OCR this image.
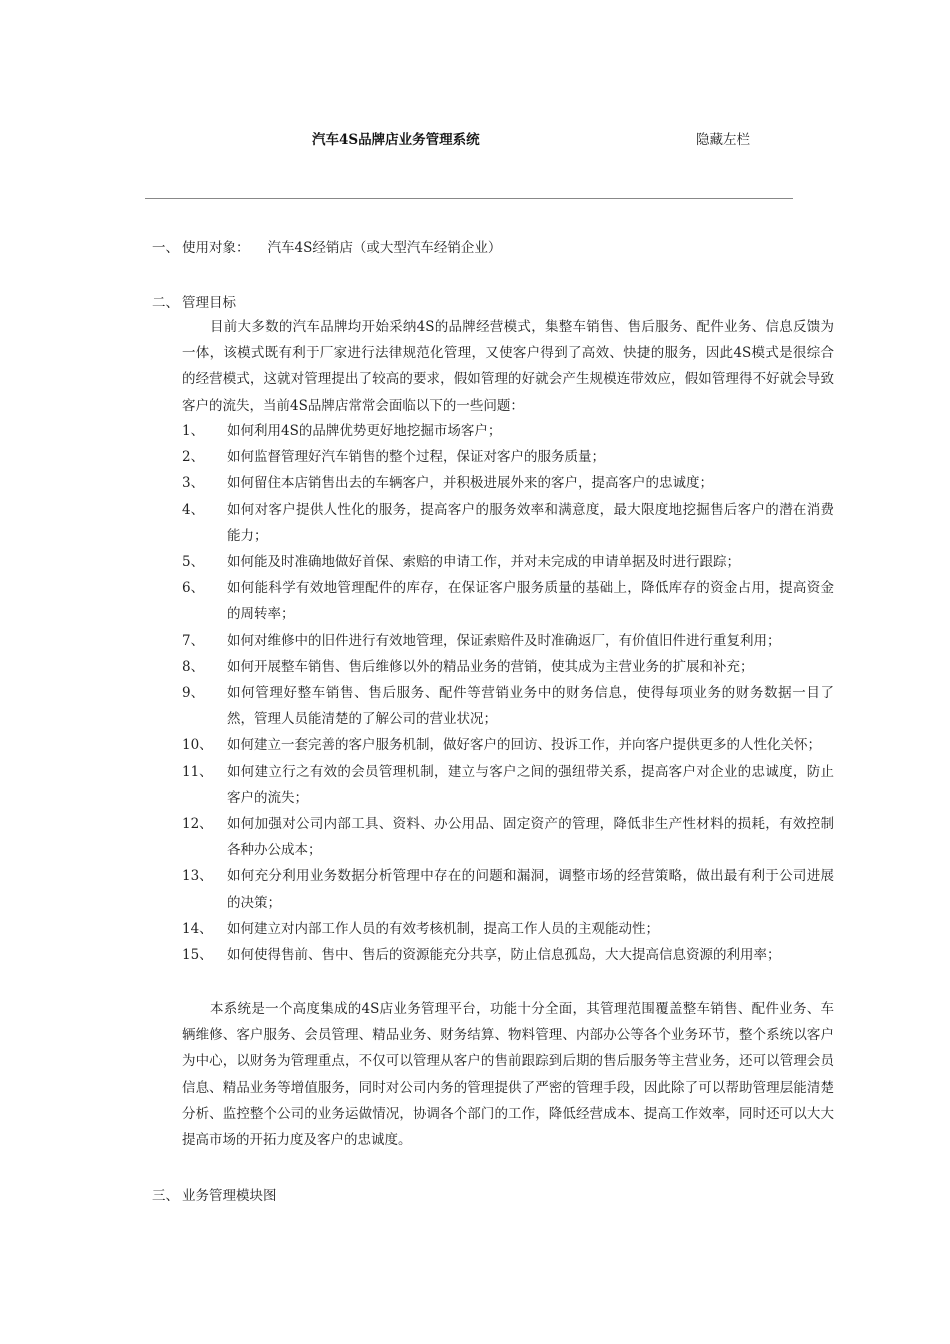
汽车4S品牌店业务管理系统	隐藏左栏
一、 使用对象： 汽车4S经销店（或大型汽车经销企业）
二、 管理目标

目前大多数的汽车品牌均开始采纳4S的品牌经营模式，集整车销售、售后服务、配件业务、信息反馈为一体，该模式既有利于厂家进行法律规范化管理，又使客户得到了高效、快捷的服务，因此4S模式是很综合的经营模式，这就对管理提出了较高的要求，假如管理的好就会产生规模连带效应，假如管理得不好就会导致客户的流失，当前4S品牌店常常会面临以下的一些问题：

1、	如何利用4S的品牌优势更好地挖掘市场客户；
2、	如何监督管理好汽车销售的整个过程，保证对客户的服务质量；
3、	如何留住本店销售出去的车辆客户，并积极进展外来的客户，提高客户的忠诚度；
4、	如何对客户提供人性化的服务，提高客户的服务效率和满意度，最大限度地挖掘售后客户的潜在消费能力；
5、	如何能及时准确地做好首保、索赔的申请工作，并对未完成的申请单据及时进行跟踪；
6、	如何能科学有效地管理配件的库存，在保证客户服务质量的基础上，降低库存的资金占用，提高资金的周转率；
7、	如何对维修中的旧件进行有效地管理，保证索赔件及时准确返厂，有价值旧件进行重复利用；
8、	如何开展整车销售、售后维修以外的精品业务的营销，使其成为主营业务的扩展和补充；
9、	如何管理好整车销售、售后服务、配件等营销业务中的财务信息，使得每项业务的财务数据一目了然，管理人员能清楚的了解公司的营业状况；
10、	如何建立一套完善的客户服务机制，做好客户的回访、投诉工作，并向客户提供更多的人性化关怀；
11、	如何建立行之有效的会员管理机制，建立与客户之间的强纽带关系，提高客户对企业的忠诚度，防止客户的流失；
12、	如何加强对公司内部工具、资料、办公用品、固定资产的管理，降低非生产性材料的损耗，有效控制各种办公成本；
13、	如何充分利用业务数据分析管理中存在的问题和漏洞，调整市场的经营策略，做出最有利于公司进展的决策；
14、	如何建立对内部工作人员的有效考核机制，提高工作人员的主观能动性；
15、	如何使得售前、售中、售后的资源能充分共享，防止信息孤岛，大大提高信息资源的利用率；

本系统是一个高度集成的4S店业务管理平台，功能十分全面，其管理范围覆盖整车销售、配件业务、车辆维修、客户服务、会员管理、精品业务、财务结算、物料管理、内部办公等各个业务环节，整个系统以客户为中心，以财务为管理重点，不仅可以管理从客户的售前跟踪到后期的售后服务等主营业务，还可以管理会员信息、精品业务等增值服务，同时对公司内务的管理提供了严密的管理手段，因此除了可以帮助管理层能清楚分析、监控整个公司的业务运做情况，协调各个部门的工作，降低经营成本、提高工作效率，同时还可以大大提高市场的开拓力度及客户的忠诚度。

三、 业务管理模块图
